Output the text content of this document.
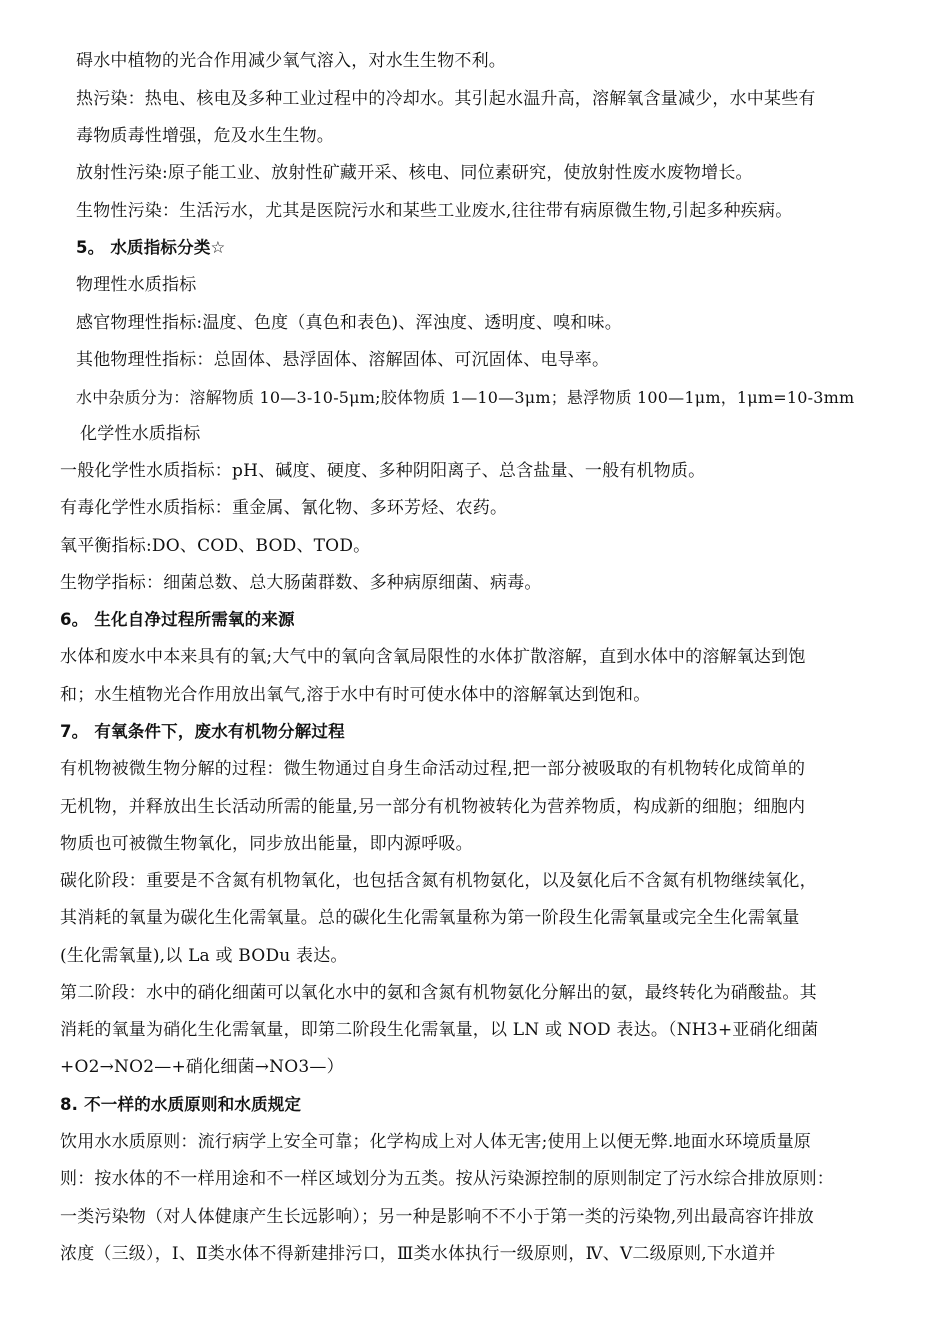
碍水中植物的光合作用减少氧气溶入，对水生生物不利。
热污染：热电、核电及多种工业过程中的冷却水。其引起水温升高，溶解氧含量减少，水中某些有
毒物质毒性增强，危及水生生物。
放射性污染:原子能工业、放射性矿藏开采、核电、同位素研究，使放射性废水废物增长。
生物性污染：生活污水，尤其是医院污水和某些工业废水,往往带有病原微生物,引起多种疾病。
5。 水质指标分类☆
物理性水质指标
感官物理性指标:温度、色度（真色和表色)、浑浊度、透明度、嗅和味。
其他物理性指标：总固体、悬浮固体、溶解固体、可沉固体、电导率。
水中杂质分为：溶解物质 10—3-10-5μm;胶体物质 1—10—3μm；悬浮物质 100—1μm，1μm=10-3mm
化学性水质指标
一般化学性水质指标：pH、碱度、硬度、多种阴阳离子、总含盐量、一般有机物质。
有毒化学性水质指标：重金属、氰化物、多环芳烃、农药。
氧平衡指标:DO、COD、BOD、TOD。
生物学指标：细菌总数、总大肠菌群数、多种病原细菌、病毒。
6。 生化自净过程所需氧的来源
水体和废水中本来具有的氧;大气中的氧向含氧局限性的水体扩散溶解，直到水体中的溶解氧达到饱
和；水生植物光合作用放出氧气,溶于水中有时可使水体中的溶解氧达到饱和。
7。 有氧条件下，废水有机物分解过程
有机物被微生物分解的过程：微生物通过自身生命活动过程,把一部分被吸取的有机物转化成简单的
无机物，并释放出生长活动所需的能量,另一部分有机物被转化为营养物质，构成新的细胞；细胞内
物质也可被微生物氧化，同步放出能量，即内源呼吸。
碳化阶段：重要是不含氮有机物氧化，也包括含氮有机物氨化，以及氨化后不含氮有机物继续氧化，
其消耗的氧量为碳化生化需氧量。总的碳化生化需氧量称为第一阶段生化需氧量或完全生化需氧量
(生化需氧量),以 La 或 BODu 表达。
第二阶段：水中的硝化细菌可以氧化水中的氨和含氮有机物氨化分解出的氨，最终转化为硝酸盐。其
消耗的氧量为硝化生化需氧量，即第二阶段生化需氧量，以 LN 或 NOD 表达。（NH3+亚硝化细菌
+O2→NO2—+硝化细菌→NO3—）
8. 不一样的水质原则和水质规定
饮用水水质原则：流行病学上安全可靠；化学构成上对人体无害;使用上以便无弊.地面水环境质量原
则：按水体的不一样用途和不一样区域划分为五类。按从污染源控制的原则制定了污水综合排放原则：
一类污染物（对人体健康产生长远影响）；另一种是影响不不小于第一类的污染物,列出最高容许排放
浓度（三级），Ⅰ、Ⅱ类水体不得新建排污口，Ⅲ类水体执行一级原则，Ⅳ、Ⅴ二级原则,下水道并
